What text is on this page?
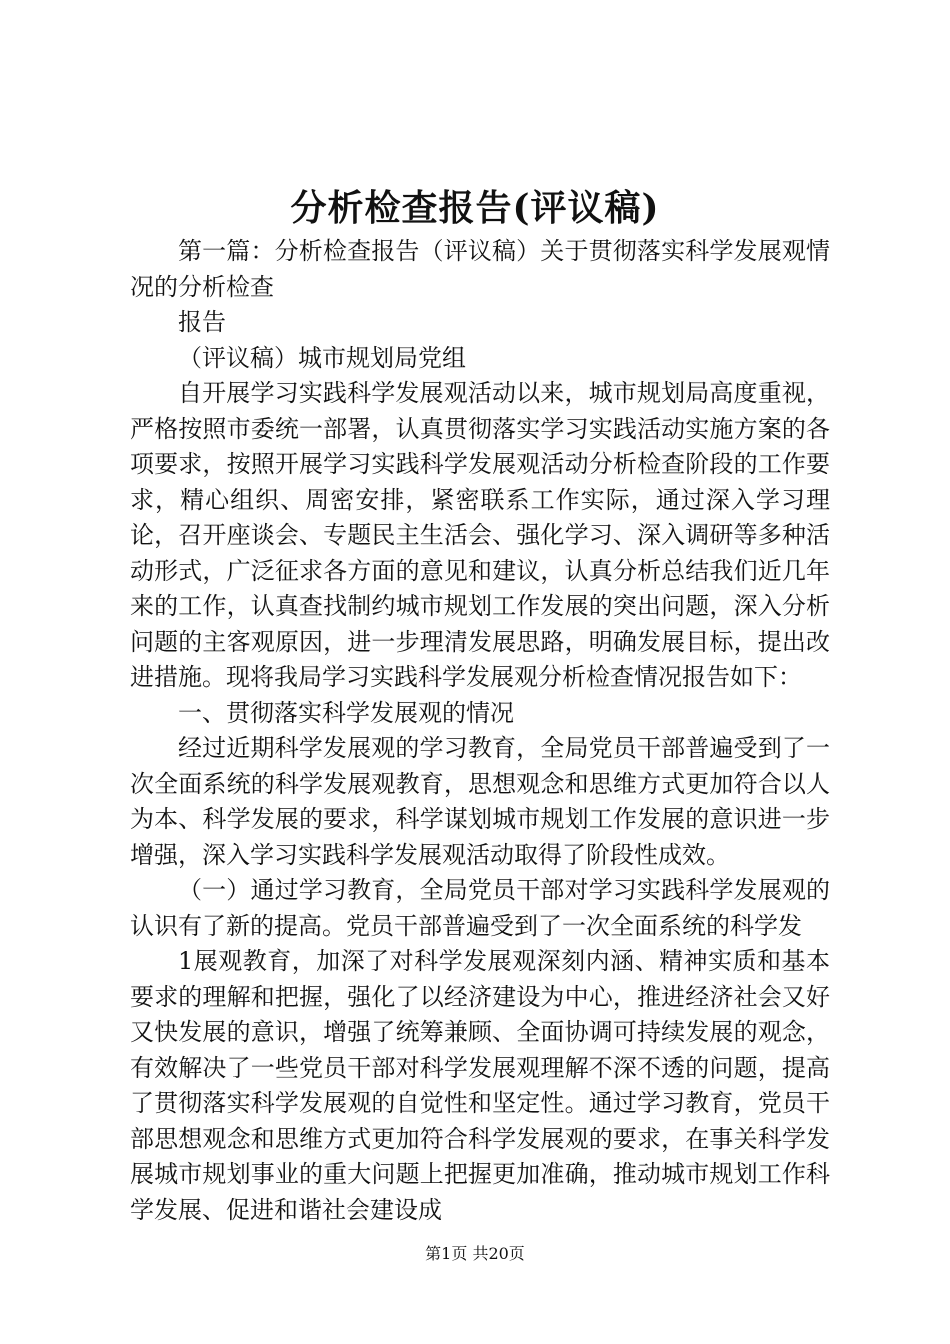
分析检查报告(评议稿)

第一篇：分析检查报告（评议稿）关于贯彻落实科学发展观情况的分析检查

报告

（评议稿）城市规划局党组

自开展学习实践科学发展观活动以来，城市规划局高度重视，严格按照市委统一部署，认真贯彻落实学习实践活动实施方案的各项要求，按照开展学习实践科学发展观活动分析检查阶段的工作要求，精心组织、周密安排，紧密联系工作实际，通过深入学习理论，召开座谈会、专题民主生活会、强化学习、深入调研等多种活动形式，广泛征求各方面的意见和建议，认真分析总结我们近几年来的工作，认真查找制约城市规划工作发展的突出问题，深入分析问题的主客观原因，进一步理清发展思路，明确发展目标，提出改进措施。现将我局学习实践科学发展观分析检查情况报告如下：

一、贯彻落实科学发展观的情况

经过近期科学发展观的学习教育，全局党员干部普遍受到了一次全面系统的科学发展观教育，思想观念和思维方式更加符合以人为本、科学发展的要求，科学谋划城市规划工作发展的意识进一步增强，深入学习实践科学发展观活动取得了阶段性成效。

（一）通过学习教育，全局党员干部对学习实践科学发展观的认识有了新的提高。党员干部普遍受到了一次全面系统的科学发

1展观教育，加深了对科学发展观深刻内涵、精神实质和基本要求的理解和把握，强化了以经济建设为中心，推进经济社会又好又快发展的意识，增强了统筹兼顾、全面协调可持续发展的观念，有效解决了一些党员干部对科学发展观理解不深不透的问题，提高了贯彻落实科学发展观的自觉性和坚定性。通过学习教育，党员干部思想观念和思维方式更加符合科学发展观的要求，在事关科学发展城市规划事业的重大问题上把握更加准确，推动城市规划工作科学发展、促进和谐社会建设成

第1页 共20页
